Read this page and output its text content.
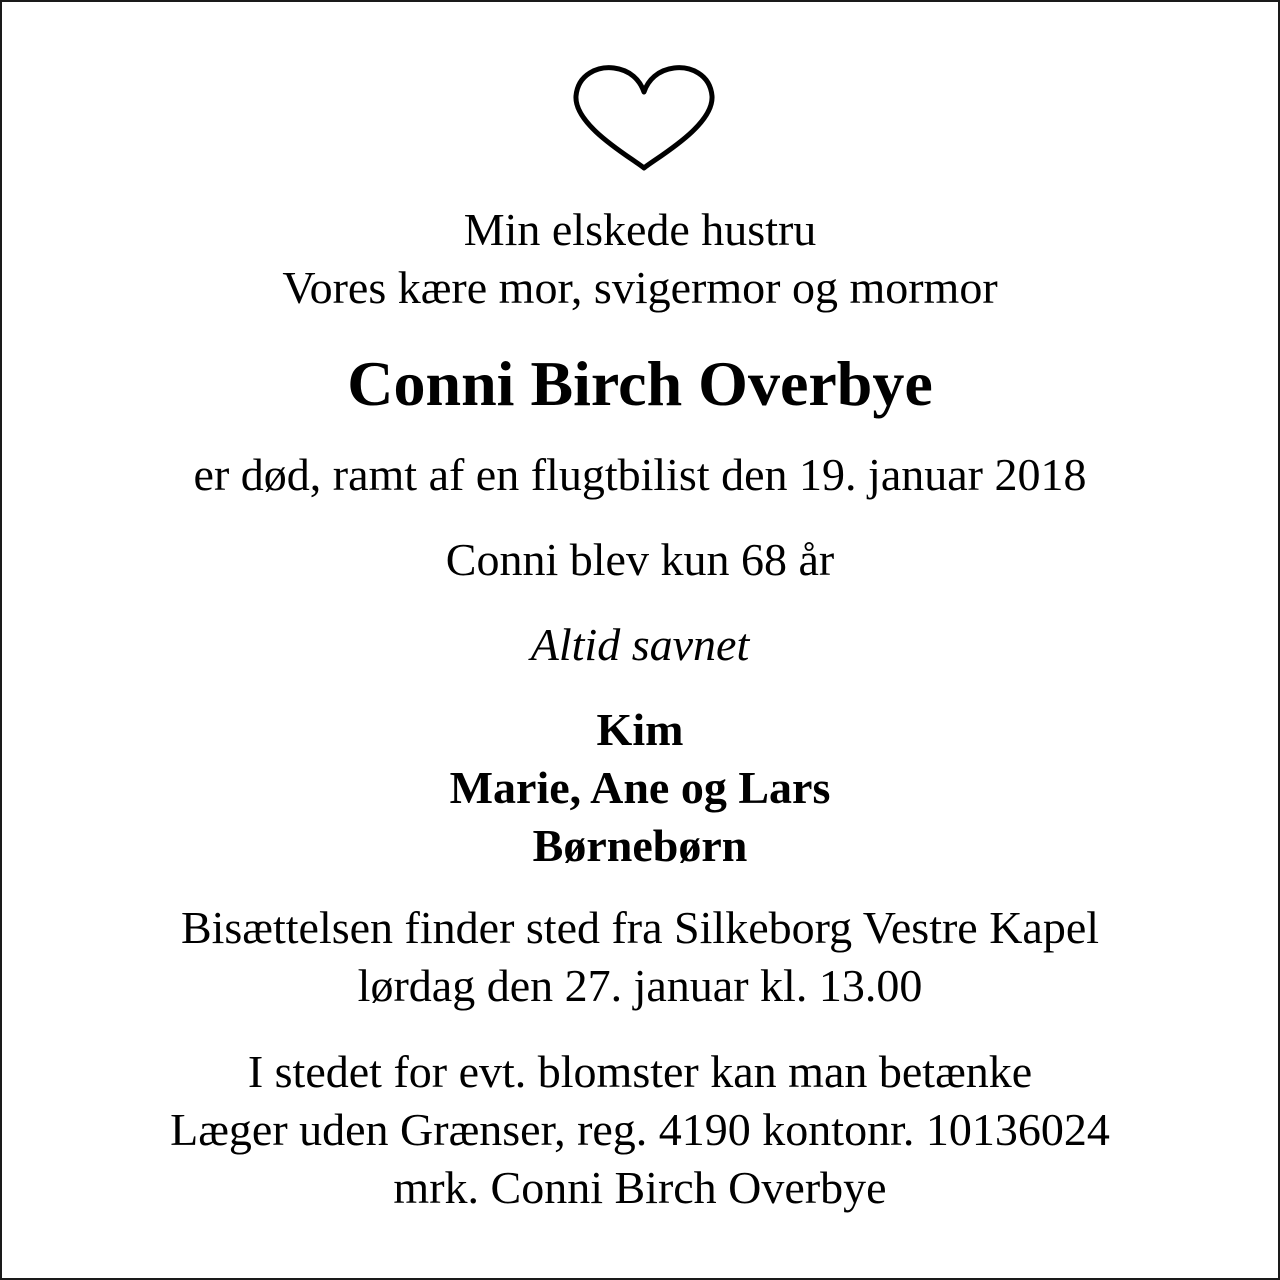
Min elskede hustru
Vores kære mor, svigermor og mormor
Conni Birch Overbye
er død, ramt af en flugtbilist den 19. januar 2018
Conni blev kun 68 år
Altid savnet
Kim
Marie, Ane og Lars
Børnebørn
Bisættelsen finder sted fra Silkeborg Vestre Kapel
lørdag den 27. januar kl. 13.00
I stedet for evt. blomster kan man betænke
Læger uden Grænser, reg. 4190 kontonr. 10136024
mrk. Conni Birch Overbye
